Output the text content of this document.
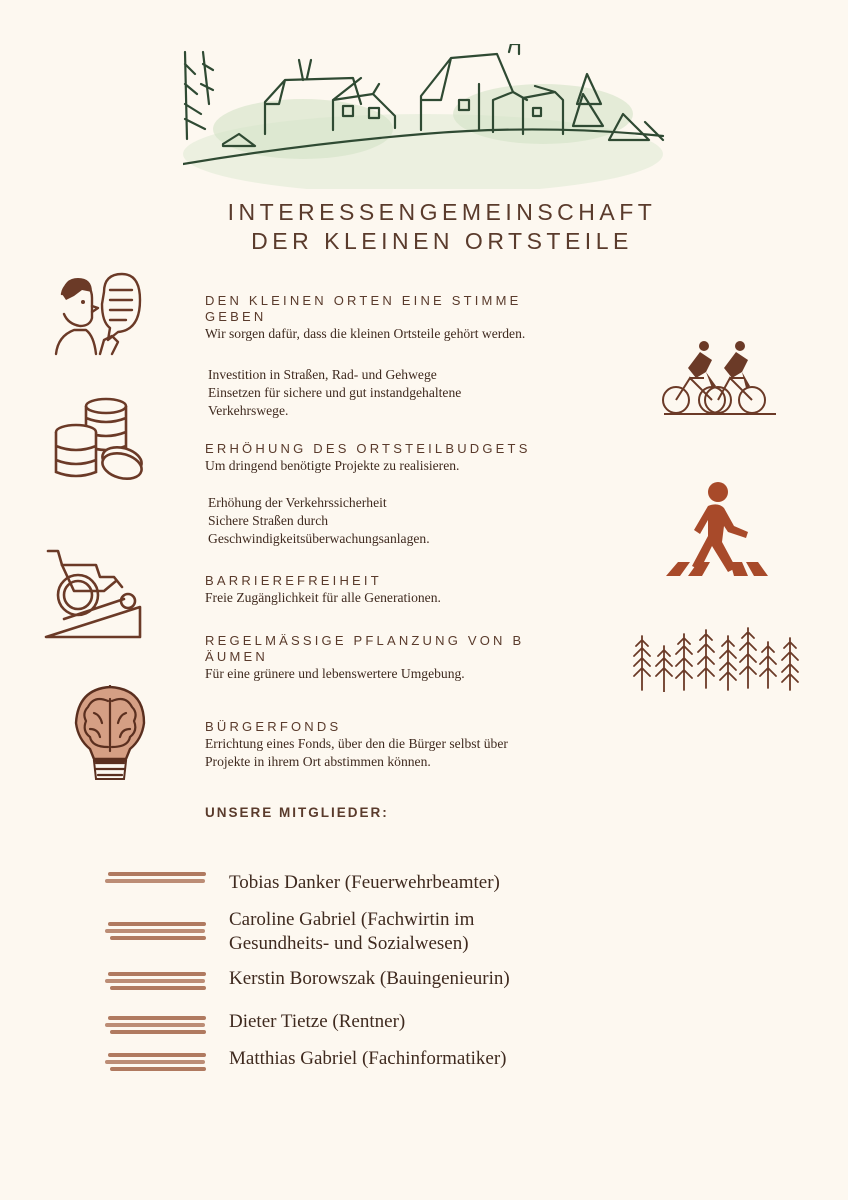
INTERESSENGEMEINSCHAFT
DER KLEINEN ORTSTEILE
DEN KLEINEN ORTEN EINE STIMME
GEBEN
Wir sorgen dafür, dass die kleinen Ortsteile gehört werden.
Investition in Straßen, Rad- und Gehwege
Einsetzen für sichere und gut instandgehaltene
Verkehrswege.
ERHÖHUNG DES ORTSTEILBUDGETS
Um dringend benötigte Projekte zu realisieren.
Erhöhung der Verkehrssicherheit
Sichere Straßen durch
Geschwindigkeitsüberwachungsanlagen.
BARRIEREFREIHEIT
Freie Zugänglichkeit für alle Generationen.
REGELMÄSSIGE PFLANZUNG VON B
ÄUMEN
Für eine grünere und lebenswertere Umgebung.
BÜRGERFONDS
Errichtung eines Fonds, über den die Bürger selbst über
Projekte in ihrem Ort abstimmen können.
UNSERE MITGLIEDER:
Tobias Danker (Feuerwehrbeamter)
Caroline Gabriel (Fachwirtin im
Gesundheits- und Sozialwesen)
Kerstin Borowszak (Bauingenieurin)
Dieter Tietze (Rentner)
Matthias Gabriel (Fachinformatiker)
